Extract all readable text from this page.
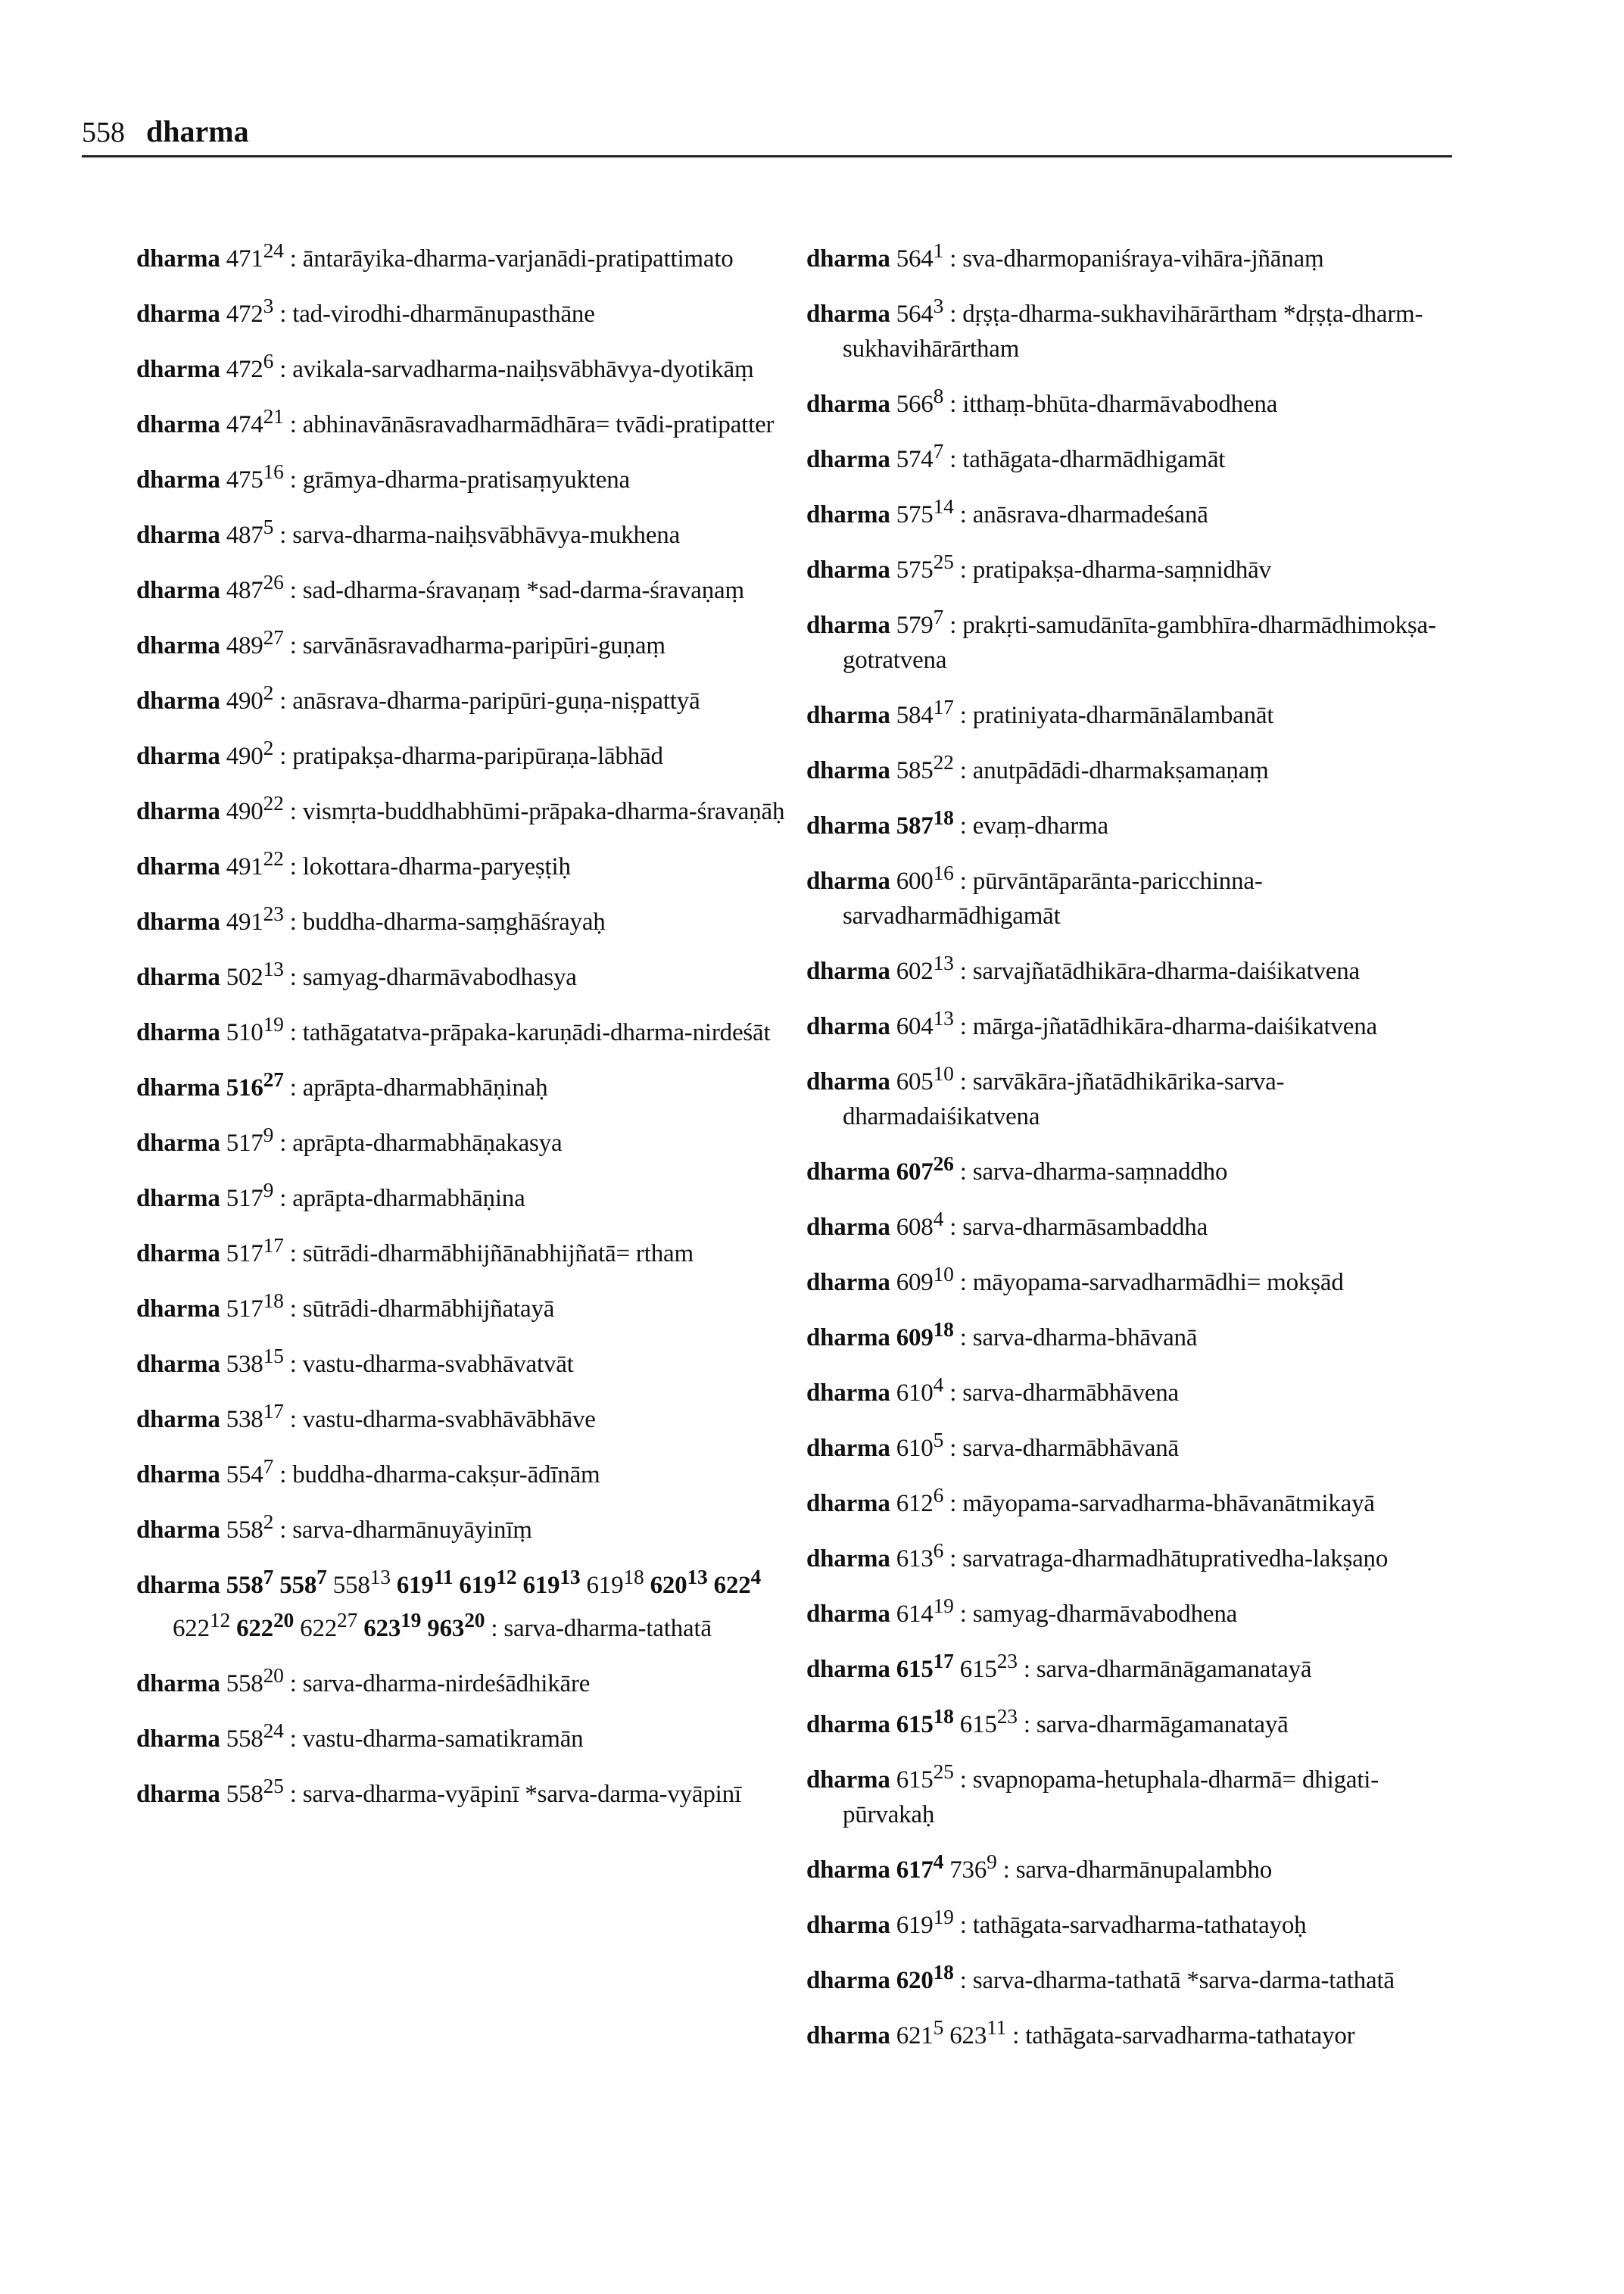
558 dharma
dharma $471^{24}$ : āntarāyika-dharma-varjanādi-pratipattimato
dharma $472^3$ : tad-virodhi-dharmānupasthāne
dharma $472^6$ : avikala-sarvadharma-naiḥsvābhāvya-dyotikāṃ
dharma $474^{21}$ : abhinavānāsravadharmādhāra= tvādi-pratipatter
dharma $475^{16}$ : grāmya-dharma-pratisaṃyuktena
dharma $487^5$ : sarva-dharma-naiḥsvābhāvya-mukhena
dharma $487^{26}$ : sad-dharma-śravaṇaṃ *sad-darma-śravaṇaṃ
dharma $489^{27}$ : sarvānāsravadharma-paripūri-guṇaṃ
dharma $490^2$ : anāsrava-dharma-paripūri-guṇa-niṣpattyā
dharma $490^2$ : pratipakṣa-dharma-paripūraṇa-lābhād
dharma $490^{22}$ : vismṛta-buddhabhūmi-prāpaka-dharma-śravaṇāḥ
dharma $491^{22}$ : lokottara-dharma-paryeṣṭiḥ
dharma $491^{23}$ : buddha-dharma-saṃghāśrayaḥ
dharma $502^{13}$ : samyag-dharmāvabodhasya
dharma $510^{19}$ : tathāgatatva-prāpaka-karuṇādi-dharma-nirdeśāt
dharma $516^{27}$ : aprāpta-dharmabhāṇinaḥ
dharma $517^9$ : aprāpta-dharmabhāṇakasya
dharma $517^9$ : aprāpta-dharmabhāṇina
dharma $517^{17}$ : sūtrādi-dharmābhijñānabhijñatā= rtham
dharma $517^{18}$ : sūtrādi-dharmābhijñatayā
dharma $538^{15}$ : vastu-dharma-svabhāvatvāt
dharma $538^{17}$ : vastu-dharma-svabhāvābhāve
dharma $554^7$ : buddha-dharma-cakṣur-ādīnām
dharma $558^2$ : sarva-dharmānuyāyinīṃ
dharma $558^7$ $558^7$ $558^{13}$ $619^{11}$ $619^{12}$ $619^{13}$ $619^{18}$ $620^{13}$ $622^4$ $622^{12}$ $622^{20}$ $622^{27}$ $623^{19}$ $963^{20}$ : sarva-dharma-tathatā
dharma $558^{20}$ : sarva-dharma-nirdeśādhikāre
dharma $558^{24}$ : vastu-dharma-samatikramān
dharma $558^{25}$ : sarva-dharma-vyāpinī *sarva-darma-vyāpinī
dharma $564^1$ : sva-dharmopaniśraya-vihāra-jñānaṃ
dharma $564^3$ : dṛṣṭa-dharma-sukhavihārārtham *dṛṣṭa-dharm-sukhavihārārtham
dharma $566^8$ : itthaṃ-bhūta-dharmāvabodhena
dharma $574^7$ : tathāgata-dharmādhigamāt
dharma $575^{14}$ : anāsrava-dharmadeśanā
dharma $575^{25}$ : pratipakṣa-dharma-saṃnidhāv
dharma $579^7$ : prakṛti-samudānīta-gambhīra-dharmādhimokṣa-gotratvena
dharma $584^{17}$ : pratiniyata-dharmānālambanāt
dharma $585^{22}$ : anutpādādi-dharmakṣamaṇaṃ
dharma $587^{18}$ : evaṃ-dharma
dharma $600^{16}$ : pūrvāntāparānta-paricchinna-sarvadharmādhigamāt
dharma $602^{13}$ : sarvajñatādhikāra-dharma-daiśikatvena
dharma $604^{13}$ : mārga-jñatādhikāra-dharma-daiśikatvena
dharma $605^{10}$ : sarvākāra-jñatādhikārika-sarva-dharmadaiśikatvena
dharma $607^{26}$ : sarva-dharma-saṃnaddho
dharma $608^4$ : sarva-dharmāsambaddha
dharma $609^{10}$ : māyopama-sarvadharmādhi= mokṣād
dharma $609^{18}$ : sarva-dharma-bhāvanā
dharma $610^4$ : sarva-dharmābhāvena
dharma $610^5$ : sarva-dharmābhāvanā
dharma $612^6$ : māyopama-sarvadharma-bhāvanātmikayā
dharma $613^6$ : sarvatraga-dharmadhātuprativedha-lakṣaṇo
dharma $614^{19}$ : samyag-dharmāvabodhena
dharma $615^{17}$ $615^{23}$ : sarva-dharmānāgamanatayā
dharma $615^{18}$ $615^{23}$ : sarva-dharmāgamanatayā
dharma $615^{25}$ : svapnopama-hetuphala-dharmā= dhigati-pūrvakaḥ
dharma $617^4$ $736^9$ : sarva-dharmānupalambho
dharma $619^{19}$ : tathāgata-sarvadharma-tathatayoḥ
dharma $620^{18}$ : sarva-dharma-tathatā *sarva-darma-tathatā
dharma $621^5$ $623^{11}$ : tathāgata-sarvadharma-tathatayor
